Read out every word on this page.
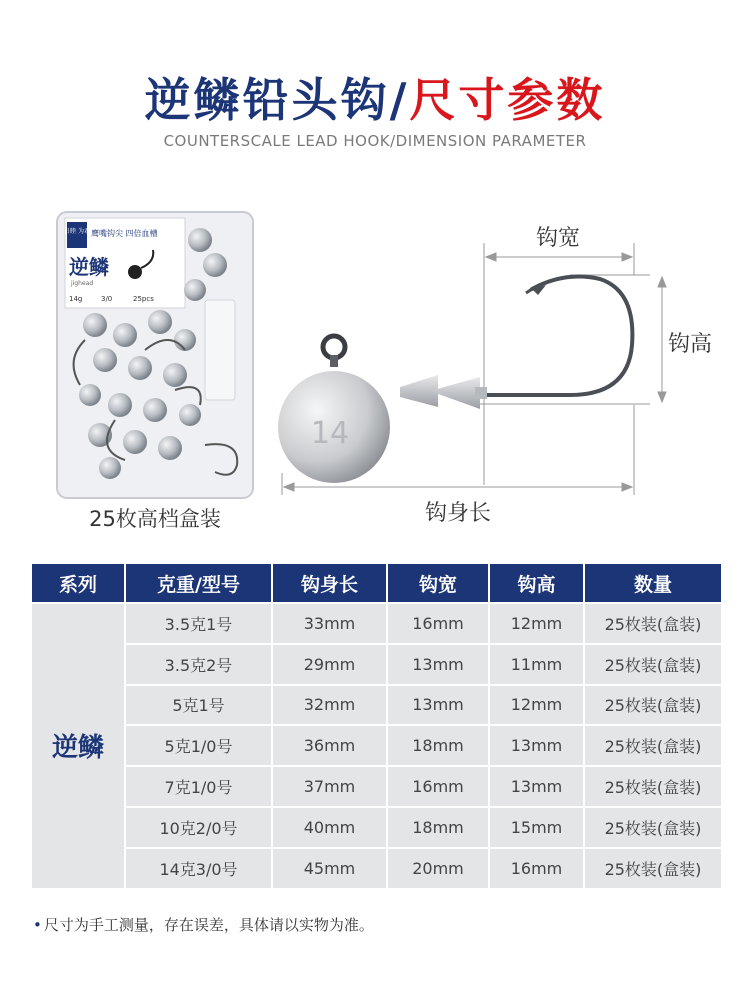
逆鳞铅头钩/尺寸参数
COUNTERSCALE LEAD HOOK/DIMENSION PARAMETER
日睦 为君 鹰嘴钩尖 四倍血槽
逆鳞
jighead
14g	3/0	25pcs
25枚高档盒装
钩宽
钩高
14
钩身长
系列	克重/型号	钩身长	钩宽	钩高	数量
逆鳞	3.5克1号	33mm	16mm	12mm	25枚装(盒装)
	3.5克2号	29mm	13mm	11mm	25枚装(盒装)
	5克1号	32mm	13mm	12mm	25枚装(盒装)
	5克1/0号	36mm	18mm	13mm	25枚装(盒装)
	7克1/0号	37mm	16mm	13mm	25枚装(盒装)
	10克2/0号	40mm	18mm	15mm	25枚装(盒装)
	14克3/0号	45mm	20mm	16mm	25枚装(盒装)
• 尺寸为手工测量，存在误差，具体请以实物为准。
